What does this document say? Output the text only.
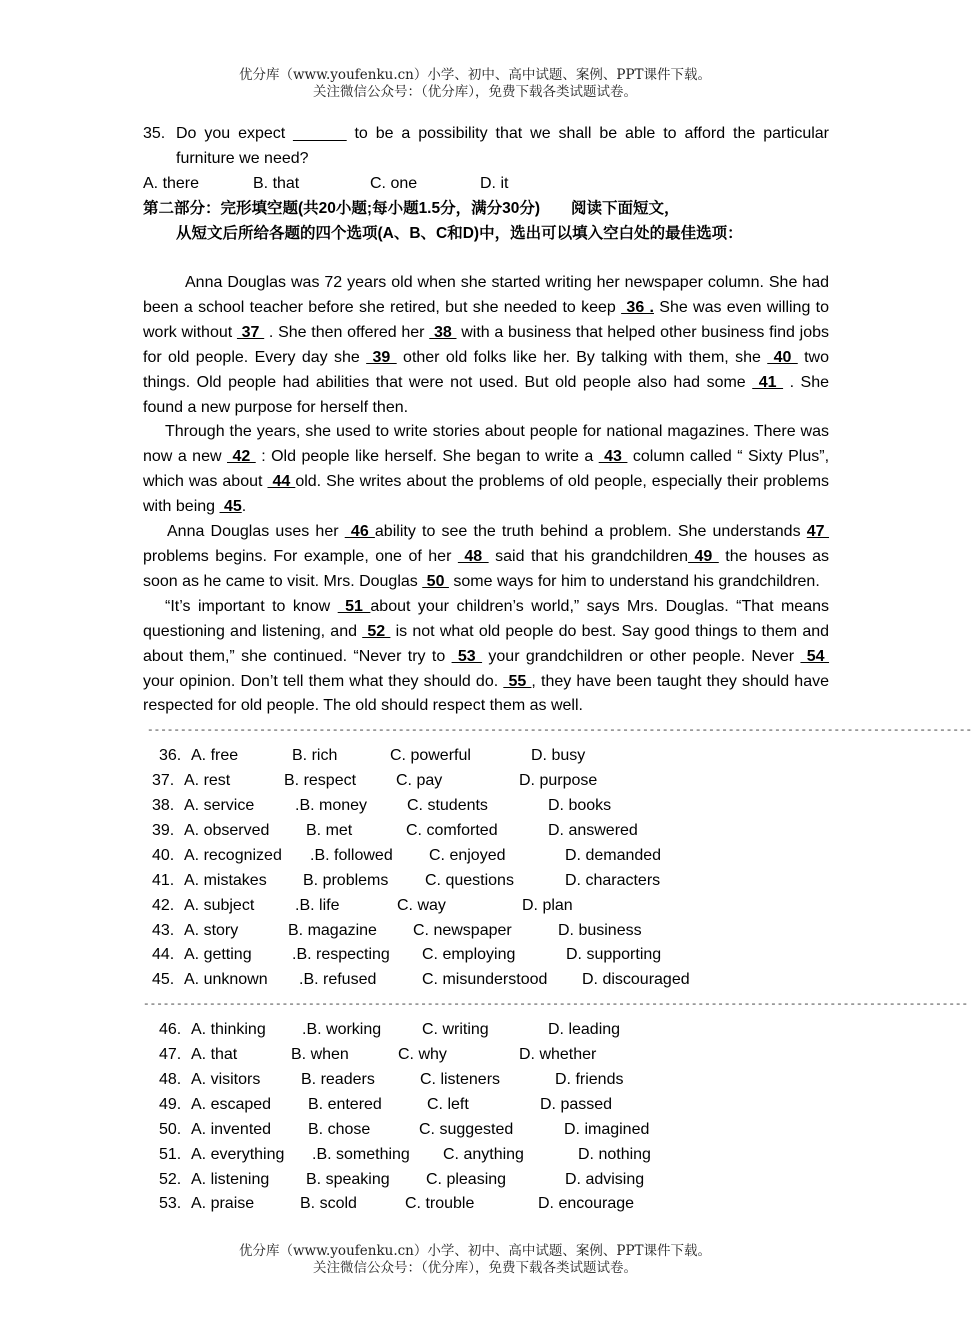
优分库（www.youfenku.cn）小学、初中、高中试题、案例、PPT课件下载。
关注微信公众号：（优分库），免费下载各类试题试卷。
35. Do you expect ______ to be a possibility that we shall be able to afford the particular furniture we need?
A. there	B. that	C. one	D. it
第二部分：完形填空题(共20小题;每小题1.5分，满分30分)　　阅读下面短文，
从短文后所给各题的四个选项(A、B、C和D)中，选出可以填入空白处的最佳选项：

Anna Douglas was 72 years old when she started writing her newspaper column. She had been a school teacher before she retired, but she needed to keep  36 . She was even willing to work without  37  . She then offered her  38  with a business that helped other business find jobs for old people. Every day she  39  other old folks like her. By talking with them, she  40  two things. Old people had abilities that were not used. But old people also had some  41  . She found a new purpose for herself then.

Through the years, she used to write stories about people for national magazines. There was now a new  42  : Old people like herself. She began to write a  43  column called “ Sixty Plus”, which was about  44 old. She writes about the problems of old people, especially their problems with being  45.

Anna Douglas uses her  46 ability to see the truth behind a problem. She understands 47  problems begins. For example, one of her  48  said that his grandchildren 49  the houses as soon as he came to visit. Mrs. Douglas  50  some ways for him to understand his grandchildren.

“It’s important to know  51 about your children’s world,” says Mrs. Douglas. “That means questioning and listening, and  52  is not what old people do best. Say good things to them and about them,” she continued. “Never try to  53  your grandchildren or other people. Never  54  your opinion. Don’t tell them what they should do.  55 , they have been taught they should have respected for old people. The old should respect them as well.

-----------------------------------------------------------------------------------------------------------------------------
36. A. free	B. rich	C. powerful	D. busy
37. A. rest	B. respect C. pay	D. purpose
38. A. service	.B. money C. students	D. books
39. A. observed B. met	C. comforted	D. answered
40. A. recognized .B. followed C. enjoyed	D. demanded
41. A. mistakes B. problems C. questions	D. characters
42. A. subject	.B. life	C. way	D. plan
43. A. story	B. magazine C. newspaper	D. business
44. A. getting	.B. respecting C. employing	D. supporting
45. A. unknown .B. refused	C. misunderstood D. discouraged
-----------------------------------------------------------------------------------------------------------------------------
46. A. thinking .B. working	C. writing	D. leading
47. A. that	B. when	C. why	D. whether
48. A. visitors	B. readers	C. listeners	D. friends
49. A. escaped B. entered	C. left	D. passed
50. A. invented B. chose	C. suggested	D. imagined
51. A. everything .B. something C. anything	D. nothing
52. A. listening B. speaking C. pleasing	D. advising
53. A. praise	B. scold	C. trouble	D. encourage
优分库（www.youfenku.cn）小学、初中、高中试题、案例、PPT课件下载。
关注微信公众号：（优分库），免费下载各类试题试卷。
